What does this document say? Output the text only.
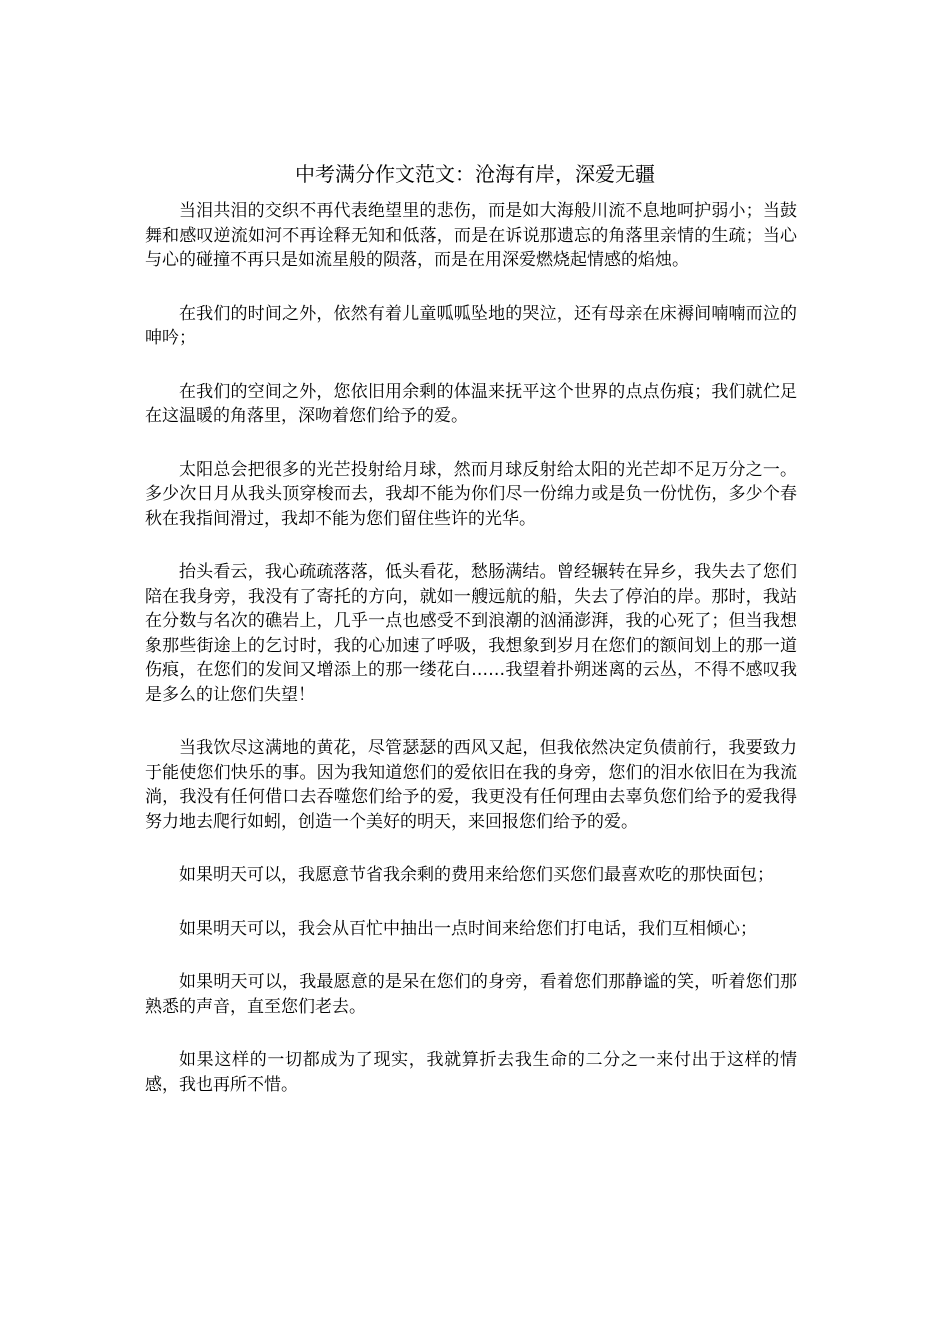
中考满分作文范文：沧海有岸，深爱无疆

当泪共泪的交织不再代表绝望里的悲伤，而是如大海般川流不息地呵护弱小；当鼓舞和感叹逆流如河不再诠释无知和低落，而是在诉说那遗忘的角落里亲情的生疏；当心与心的碰撞不再只是如流星般的陨落，而是在用深爱燃烧起情感的焰烛。

在我们的时间之外，依然有着儿童呱呱坠地的哭泣，还有母亲在床褥间喃喃而泣的呻吟；

在我们的空间之外，您依旧用余剩的体温来抚平这个世界的点点伤痕；我们就伫足在这温暖的角落里，深吻着您们给予的爱。

太阳总会把很多的光芒投射给月球，然而月球反射给太阳的光芒却不足万分之一。多少次日月从我头顶穿梭而去，我却不能为你们尽一份绵力或是负一份忧伤，多少个春秋在我指间滑过，我却不能为您们留住些许的光华。

抬头看云，我心疏疏落落，低头看花，愁肠满结。曾经辗转在异乡，我失去了您们陪在我身旁，我没有了寄托的方向，就如一艘远航的船，失去了停泊的岸。那时，我站在分数与名次的礁岩上，几乎一点也感受不到浪潮的汹涌澎湃，我的心死了；但当我想象那些街途上的乞讨时，我的心加速了呼吸，我想象到岁月在您们的额间划上的那一道伤痕，在您们的发间又增添上的那一缕花白……我望着扑朔迷离的云丛，不得不感叹我是多么的让您们失望！

当我饮尽这满地的黄花，尽管瑟瑟的西风又起，但我依然决定负债前行，我要致力于能使您们快乐的事。因为我知道您们的爱依旧在我的身旁，您们的泪水依旧在为我流淌，我没有任何借口去吞噬您们给予的爱，我更没有任何理由去辜负您们给予的爱我得努力地去爬行如蚓，创造一个美好的明天，来回报您们给予的爱。

如果明天可以，我愿意节省我余剩的费用来给您们买您们最喜欢吃的那快面包；

如果明天可以，我会从百忙中抽出一点时间来给您们打电话，我们互相倾心；

如果明天可以，我最愿意的是呆在您们的身旁，看着您们那静谧的笑，听着您们那熟悉的声音，直至您们老去。

如果这样的一切都成为了现实，我就算折去我生命的二分之一来付出于这样的情感，我也再所不惜。
